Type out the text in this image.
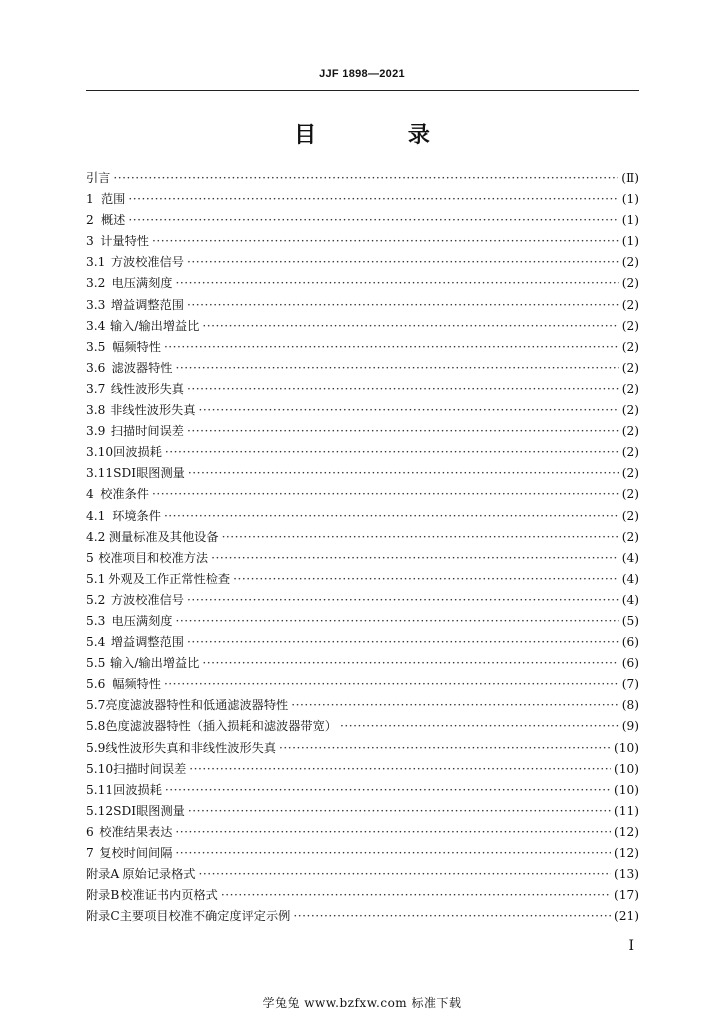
JJF 1898—2021
目 录
引言 ·····	(Ⅱ)
1 范围 ·····	(1)
2 概述 ·····	(1)
3 计量特性 ·····	(1)
3.1 方波校准信号 ·····	(2)
3.2 电压满刻度 ·····	(2)
3.3 增益调整范围 ·····	(2)
3.4 输入/输出增益比 ·····	(2)
3.5 幅频特性 ·····	(2)
3.6 滤波器特性 ·····	(2)
3.7 线性波形失真 ·····	(2)
3.8 非线性波形失真 ·····	(2)
3.9 扫描时间误差 ·····	(2)
3.10 回波损耗 ·····	(2)
3.11 SDI眼图测量 ·····	(2)
4 校准条件 ·····	(2)
4.1 环境条件 ·····	(2)
4.2 测量标准及其他设备 ·····	(2)
5 校准项目和校准方法 ·····	(4)
5.1 外观及工作正常性检查 ·····	(4)
5.2 方波校准信号 ·····	(4)
5.3 电压满刻度 ·····	(5)
5.4 增益调整范围 ·····	(6)
5.5 输入/输出增益比 ·····	(6)
5.6 幅频特性 ·····	(7)
5.7 亮度滤波器特性和低通滤波器特性 ·····	(8)
5.8 色度滤波器特性（插入损耗和滤波器带宽） ·····	(9)
5.9 线性波形失真和非线性波形失真 ·····	(10)
5.10 扫描时间误差 ·····	(10)
5.11 回波损耗 ·····	(10)
5.12 SDI眼图测量 ·····	(11)
6 校准结果表达 ·····	(12)
7 复校时间间隔 ·····	(12)
附录A 原始记录格式 ·····	(13)
附录B 校准证书内页格式 ·····	(17)
附录C 主要项目校准不确定度评定示例 ·····	(21)
I
学兔兔 www.bzfxw.com 标准下载
